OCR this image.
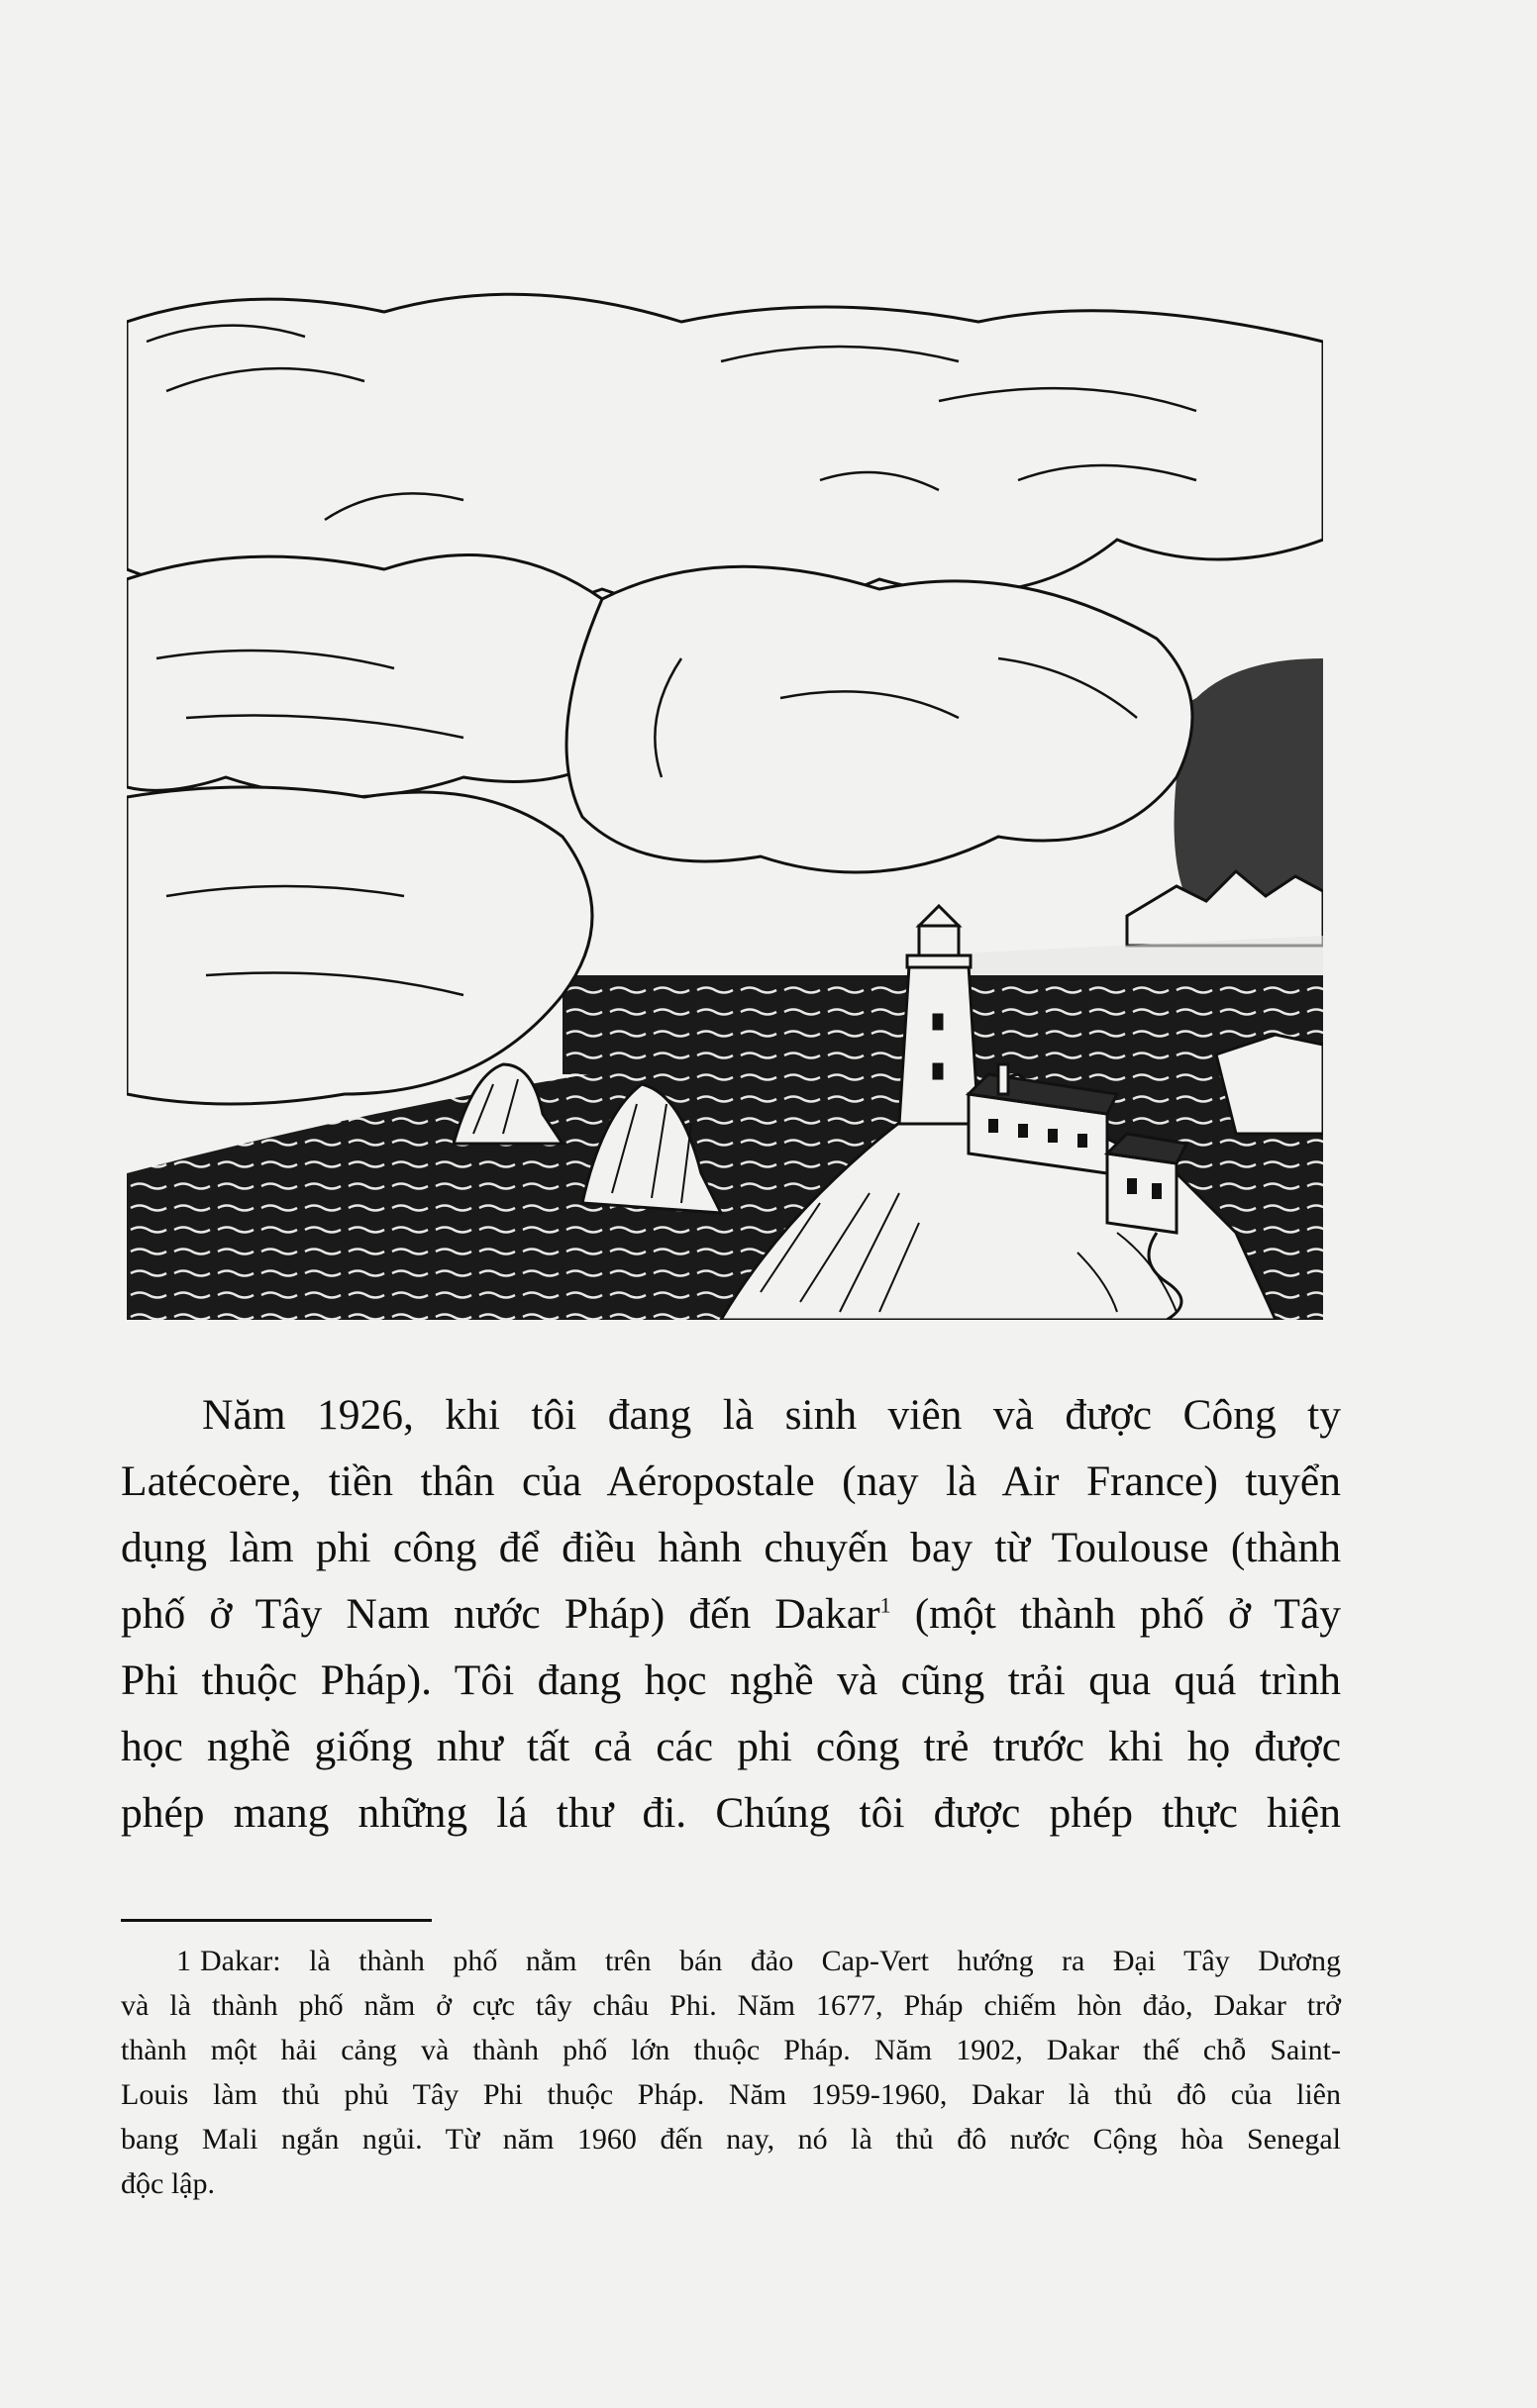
Năm 1926, khi tôi đang là sinh viên và được Công ty
Latécoère, tiền thân của Aéropostale (nay là Air France) tuyển
dụng làm phi công để điều hành chuyến bay từ Toulouse (thành
phố ở Tây Nam nước Pháp) đến Dakar$^1$ (một thành phố ở Tây
Phi thuộc Pháp). Tôi đang học nghề và cũng trải qua quá trình
học nghề giống như tất cả các phi công trẻ trước khi họ được
phép mang những lá thư đi. Chúng tôi được phép thực hiện
1 Dakar: là thành phố nằm trên bán đảo Cap-Vert hướng ra Đại Tây Dương
và là thành phố nằm ở cực tây châu Phi. Năm 1677, Pháp chiếm hòn đảo, Dakar trở
thành một hải cảng và thành phố lớn thuộc Pháp. Năm 1902, Dakar thế chỗ Saint-
Louis làm thủ phủ Tây Phi thuộc Pháp. Năm 1959-1960, Dakar là thủ đô của liên
bang Mali ngắn ngủi. Từ năm 1960 đến nay, nó là thủ đô nước Cộng hòa Senegal
độc lập.
